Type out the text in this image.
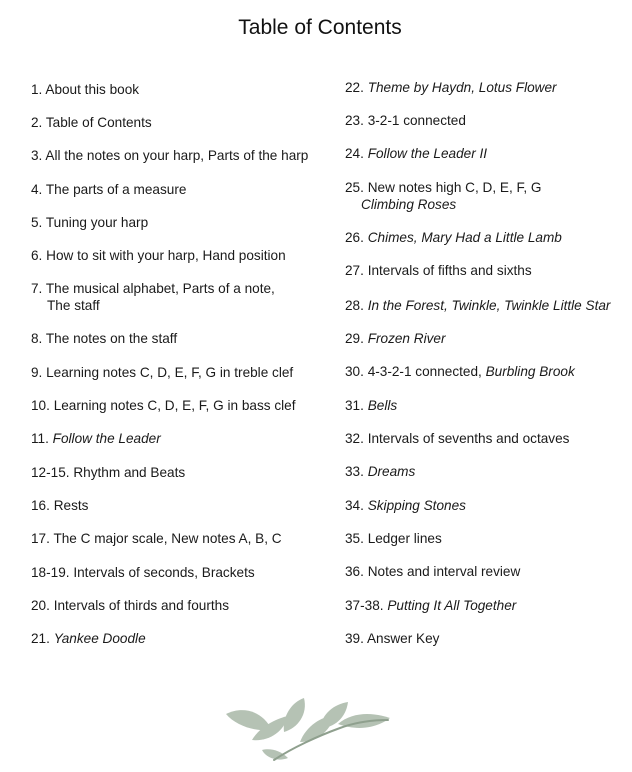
Table of Contents
1. About this book
2. Table of Contents
3. All the notes on your harp, Parts of the harp
4. The parts of a measure
5. Tuning your harp
6. How to sit with your harp, Hand position
7. The musical alphabet, Parts of a note,
The staff
8. The notes on the staff
9. Learning notes C, D, E, F, G in treble clef
10. Learning notes C, D, E, F, G in bass clef
11. Follow the Leader
12-15. Rhythm and Beats
16. Rests
17. The C major scale, New notes A, B, C
18-19. Intervals of seconds, Brackets
20. Intervals of thirds and fourths
21. Yankee Doodle
22. Theme by Haydn, Lotus Flower
23. 3-2-1 connected
24. Follow the Leader II
25. New notes high C, D, E, F, G
Climbing Roses
26. Chimes, Mary Had a Little Lamb
27. Intervals of fifths and sixths
28. In the Forest, Twinkle, Twinkle Little Star
29. Frozen River
30. 4-3-2-1 connected, Burbling Brook
31. Bells
32. Intervals of sevenths and octaves
33. Dreams
34. Skipping Stones
35. Ledger lines
36. Notes and interval review
37-38. Putting It All Together
39. Answer Key
